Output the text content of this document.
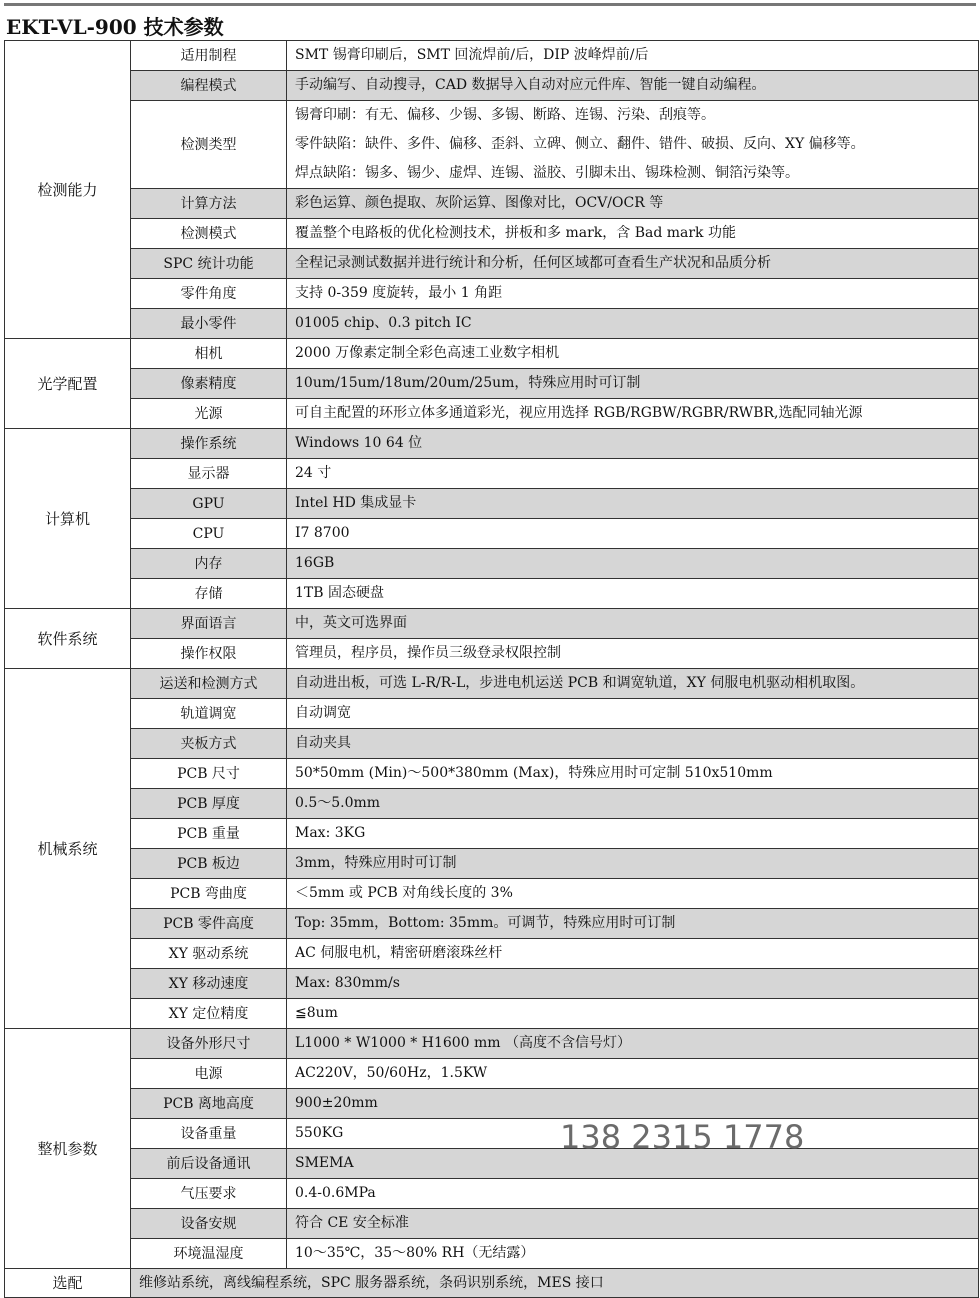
EKT-VL-900 技术参数
检测能力	适用制程	SMT 锡膏印刷后，SMT 回流焊前/后，DIP 波峰焊前/后

	编程模式	手动编写、自动搜寻，CAD 数据导入自动对应元件库、智能一键自动编程。

	检测类型	锡膏印刷：有无、偏移、少锡、多锡、断路、连锡、污染、刮痕等。
零件缺陷：缺件、多件、偏移、歪斜、立碑、侧立、翻件、错件、破损、反向、XY 偏移等。
焊点缺陷：锡多、锡少、虚焊、连锡、溢胶、引脚未出、锡珠检测、铜箔污染等。

	计算方法	彩色运算、颜色提取、灰阶运算、图像对比，OCV/OCR 等

	检测模式	覆盖整个电路板的优化检测技术，拼板和多 mark，含 Bad mark 功能

	SPC 统计功能	全程记录测试数据并进行统计和分析，任何区域都可查看生产状况和品质分析

	零件角度	支持 0-359 度旋转，最小 1 角距

	最小零件	01005 chip、0.3 pitch IC

光学配置	相机	2000 万像素定制全彩色高速工业数字相机

	像素精度	10um/15um/18um/20um/25um，特殊应用时可订制

	光源	可自主配置的环形立体多通道彩光，视应用选择 RGB/RGBW/RGBR/RWBR,选配同轴光源

计算机	操作系统	Windows 10 64 位

	显示器	24 寸

	GPU	Intel HD 集成显卡

	CPU	I7 8700

	内存	16GB

	存储	1TB 固态硬盘

软件系统	界面语言	中，英文可选界面

	操作权限	管理员，程序员，操作员三级登录权限控制

机械系统	运送和检测方式	自动进出板，可选 L-R/R-L，步进电机运送 PCB 和调宽轨道，XY 伺服电机驱动相机取图。

	轨道调宽	自动调宽

	夹板方式	自动夹具

	PCB 尺寸	50*50mm (Min)～500*380mm (Max)，特殊应用时可定制 510x510mm

	PCB 厚度	0.5～5.0mm

	PCB 重量	Max: 3KG

	PCB 板边	3mm，特殊应用时可订制

	PCB 弯曲度	＜5mm 或 PCB 对角线长度的 3%

	PCB 零件高度	Top: 35mm，Bottom: 35mm。可调节，特殊应用时可订制

	XY 驱动系统	AC 伺服电机，精密研磨滚珠丝杆

	XY 移动速度	Max: 830mm/s

	XY 定位精度	≦8um

整机参数	设备外形尺寸	L1000 * W1000 * H1600 mm （高度不含信号灯）

	电源	AC220V，50/60Hz，1.5KW

	PCB 离地高度	900±20mm

	设备重量	550KG

	前后设备通讯	SMEMA

	气压要求	0.4-0.6MPa

	设备安规	符合 CE 安全标准

	环境温湿度	10～35℃，35～80% RH（无结露）

选配	维修站系统，离线编程系统，SPC 服务器系统，条码识别系统，MES 接口	
138 2315 1778
